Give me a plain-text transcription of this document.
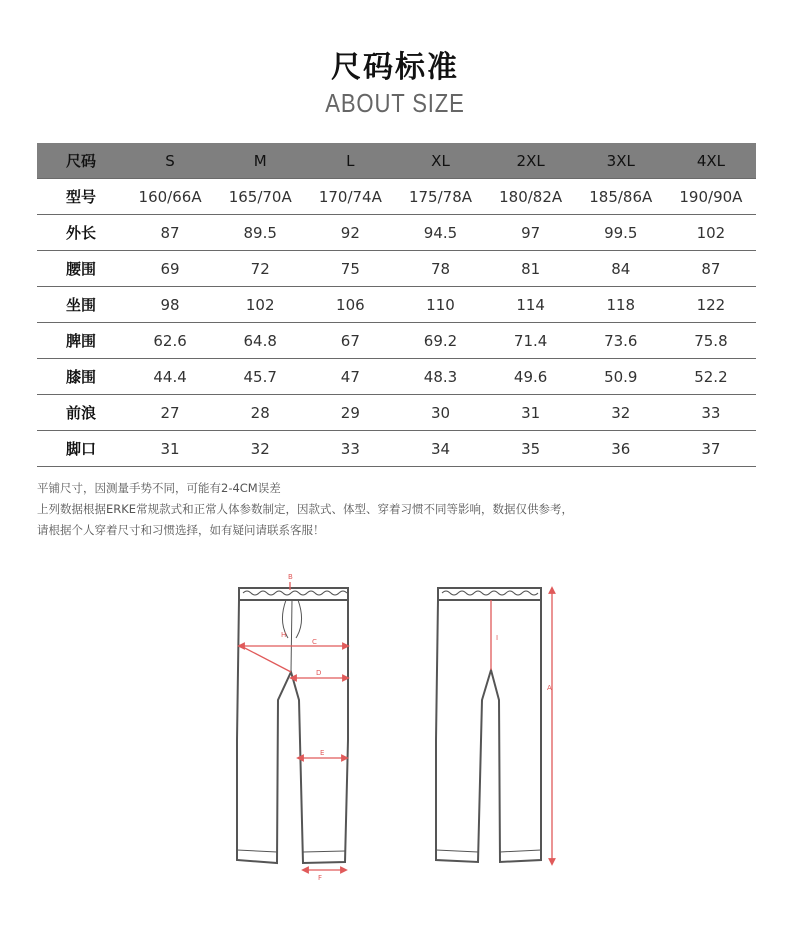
尺码标准
ABOUT SIZE
尺码	S	M	L	XL	2XL	3XL	4XL
型号	160/66A	165/70A	170/74A	175/78A	180/82A	185/86A	190/90A
外长	87	89.5	92	94.5	97	99.5	102
腰围	69	72	75	78	81	84	87
坐围	98	102	106	110	114	118	122
脾围	62.6	64.8	67	69.2	71.4	73.6	75.8
膝围	44.4	45.7	47	48.3	49.6	50.9	52.2
前浪	27	28	29	30	31	32	33
脚口	31	32	33	34	35	36	37
平铺尺寸，因测量手势不同，可能有2-4CM误差
上列数据根据ERKE常规款式和正常人体参数制定，因款式、体型、穿着习惯不同等影响，数据仅供参考，
请根据个人穿着尺寸和习惯选择，如有疑问请联系客服！
B
C
D
E
F
H	I
A
